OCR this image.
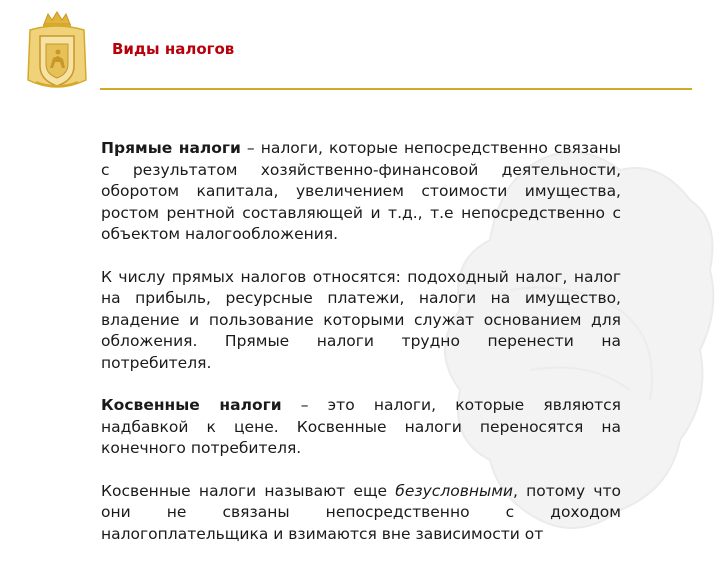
Виды налогов

Прямые налоги – налоги, которые непосредственно связаны с результатом хозяйственно-финансовой деятельности, оборотом капитала, увеличением стоимости имущества, ростом рентной составляющей и т.д., т.е непосредственно с объектом налогообложения.

К числу прямых налогов относятся: подоходный налог, налог на прибыль, ресурсные платежи, налоги на имущество, владение и пользование которыми служат основанием для обложения. Прямые налоги трудно перенести на потребителя.

Косвенные налоги – это налоги, которые являются надбавкой к цене. Косвенные налоги переносятся на конечного потребителя.

Косвенные налоги называют еще безусловными, потому что они не связаны непосредственно с доходом налогоплательщика и взимаются вне зависимости от
